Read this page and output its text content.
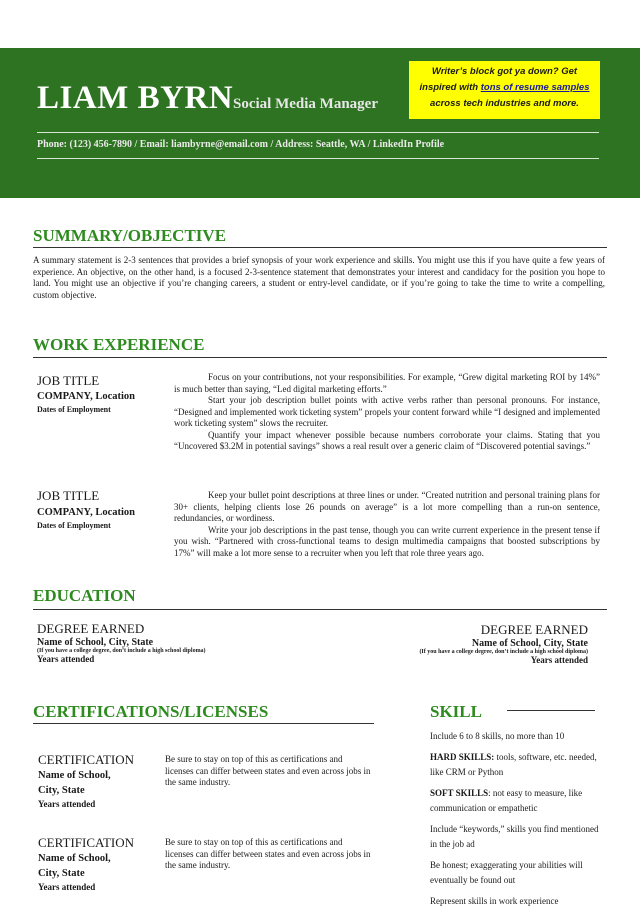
LIAM BYRN Social Media Manager
Writer’s block got ya down? Get
inspired with tons of resume samples
across tech industries and more.
Phone: (123) 456-7890 / Email: liambyrne@email.com / Address: Seattle, WA / LinkedIn Profile
SUMMARY/OBJECTIVE
A summary statement is 2-3 sentences that provides a brief synopsis of your work experience and skills. You might use this if you have quite a few years of experience. An objective, on the other hand, is a focused 2-3-sentence statement that demonstrates your interest and candidacy for the position you hope to land. You might use an objective if you’re changing careers, a student or entry-level candidate, or if you’re going to take the time to write a compelling, custom objective.
WORK EXPERIENCE
JOB TITLE
COMPANY, Location
Dates of Employment
Focus on your contributions, not your responsibilities. For example, “Grew digital marketing ROI by 14%” is much better than saying, “Led digital marketing efforts.”
Start your job description bullet points with active verbs rather than personal pronouns. For instance, “Designed and implemented work ticketing system” propels your content forward while “I designed and implemented work ticketing system” slows the recruiter.
Quantify your impact whenever possible because numbers corroborate your claims. Stating that you “Uncovered $3.2M in potential savings” shows a real result over a generic claim of “Discovered potential savings.”
JOB TITLE
COMPANY, Location
Dates of Employment
Keep your bullet point descriptions at three lines or under. “Created nutrition and personal training plans for 30+ clients, helping clients lose 26 pounds on average” is a lot more compelling than a run-on sentence, redundancies, or wordiness.
Write your job descriptions in the past tense, though you can write current experience in the present tense if you wish. “Partnered with cross-functional teams to design multimedia campaigns that boosted subscriptions by 17%” will make a lot more sense to a recruiter when you left that role three years ago.
EDUCATION
DEGREE EARNED
Name of School, City, State
(If you have a college degree, don’t include a high school diploma)
Years attended
DEGREE EARNED
Name of School, City, State
(If you have a college degree, don’t include a high school diploma)
Years attended
CERTIFICATIONS/LICENSES
CERTIFICATION
Name of School,
City, State
Years attended
Be sure to stay on top of this as certifications and licenses can differ between states and even across jobs in the same industry.
CERTIFICATION
Name of School,
City, State
Years attended
Be sure to stay on top of this as certifications and licenses can differ between states and even across jobs in the same industry.
SKILL
Include 6 to 8 skills, no more than 10
HARD SKILLS: tools, software, etc. needed, like CRM or Python
SOFT SKILLS: not easy to measure, like communication or empathetic
Include “keywords,” skills you find mentioned in the job ad
Be honest; exaggerating your abilities will eventually be found out
Represent skills in work experience
